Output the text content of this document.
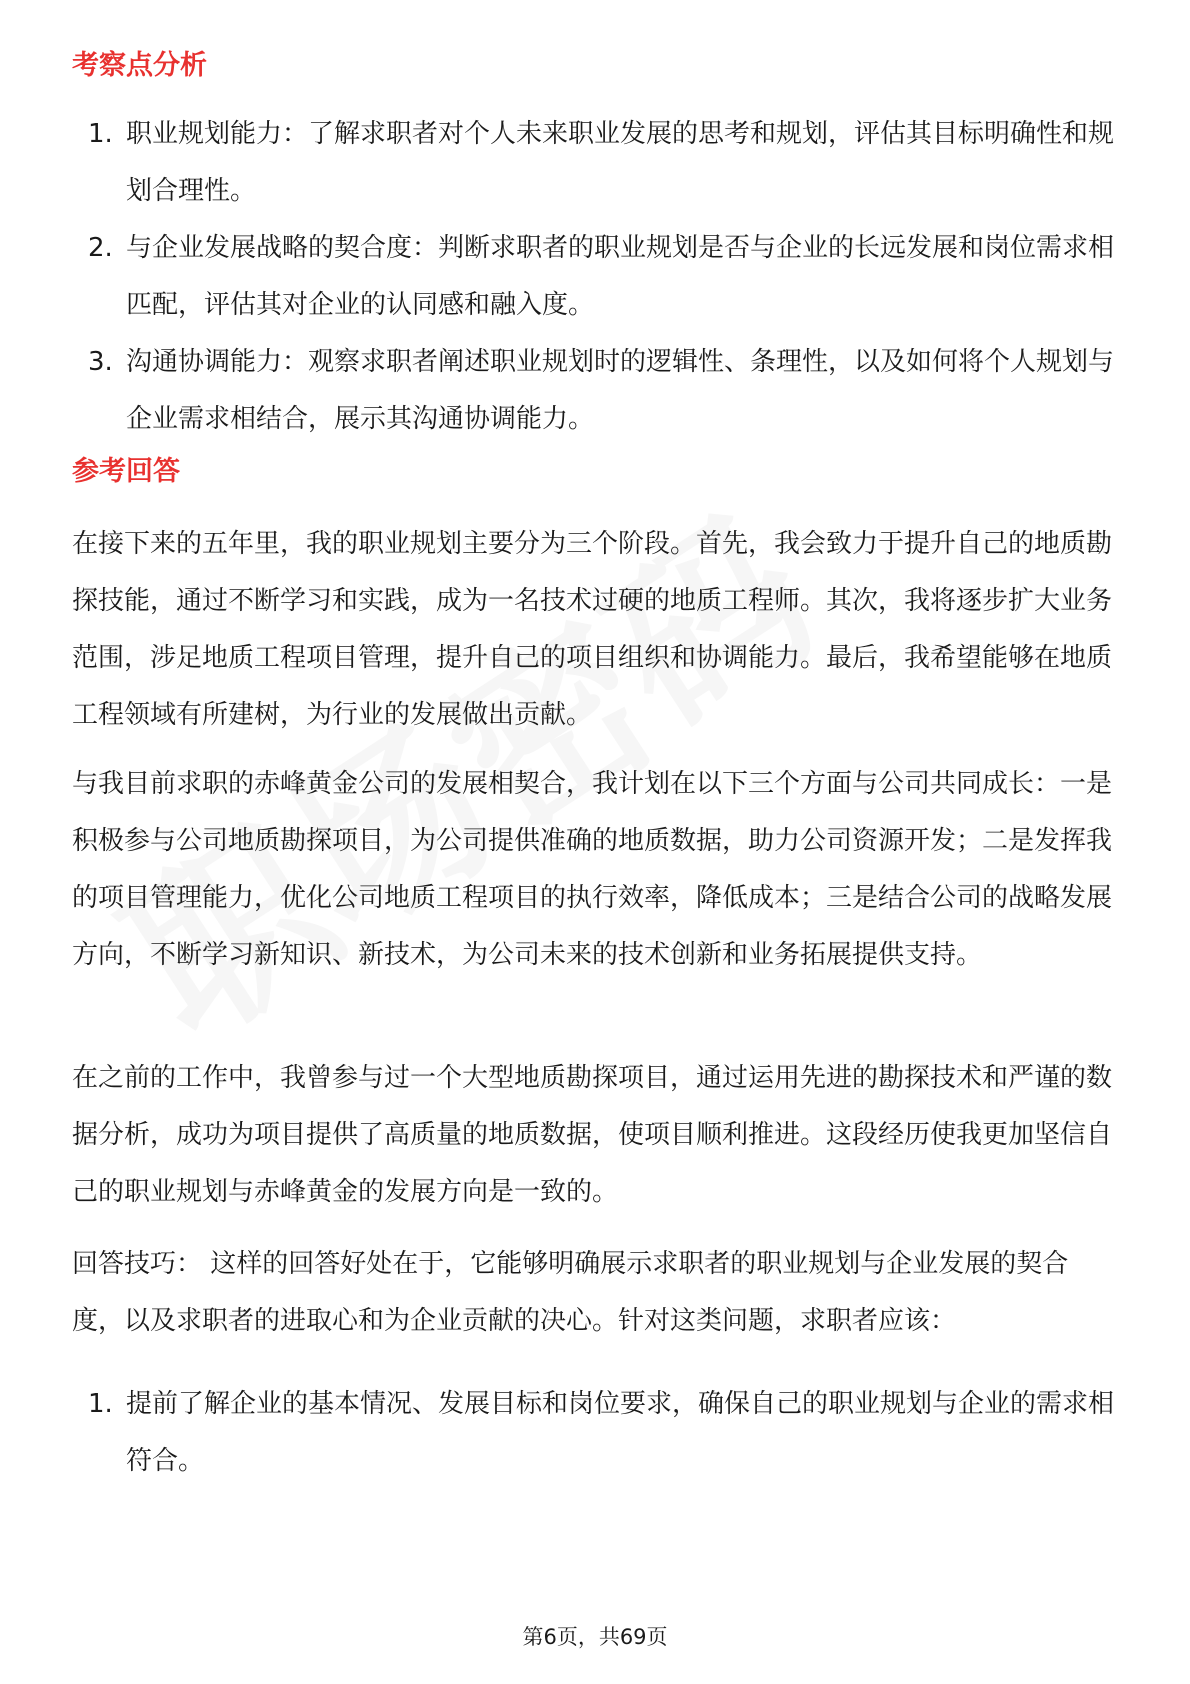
考察点分析
1. 职业规划能力：了解求职者对个人未来职业发展的思考和规划，评估其目标明确性和规划合理性。
2. 与企业发展战略的契合度：判断求职者的职业规划是否与企业的长远发展和岗位需求相匹配，评估其对企业的认同感和融入度。
3. 沟通协调能力：观察求职者阐述职业规划时的逻辑性、条理性，以及如何将个人规划与企业需求相结合，展示其沟通协调能力。
参考回答

在接下来的五年里，我的职业规划主要分为三个阶段。首先，我会致力于提升自己的地质勘探技能，通过不断学习和实践，成为一名技术过硬的地质工程师。其次，我将逐步扩大业务范围，涉足地质工程项目管理，提升自己的项目组织和协调能力。最后，我希望能够在地质工程领域有所建树，为行业的发展做出贡献。

与我目前求职的赤峰黄金公司的发展相契合，我计划在以下三个方面与公司共同成长：一是积极参与公司地质勘探项目，为公司提供准确的地质数据，助力公司资源开发；二是发挥我的项目管理能力，优化公司地质工程项目的执行效率，降低成本；三是结合公司的战略发展方向，不断学习新知识、新技术，为公司未来的技术创新和业务拓展提供支持。

在之前的工作中，我曾参与过一个大型地质勘探项目，通过运用先进的勘探技术和严谨的数据分析，成功为项目提供了高质量的地质数据，使项目顺利推进。这段经历使我更加坚信自己的职业规划与赤峰黄金的发展方向是一致的。

回答技巧： 这样的回答好处在于，它能够明确展示求职者的职业规划与企业发展的契合度，以及求职者的进取心和为企业贡献的决心。针对这类问题，求职者应该：

1. 提前了解企业的基本情况、发展目标和岗位要求，确保自己的职业规划与企业的需求相符合。
第6页，共69页
